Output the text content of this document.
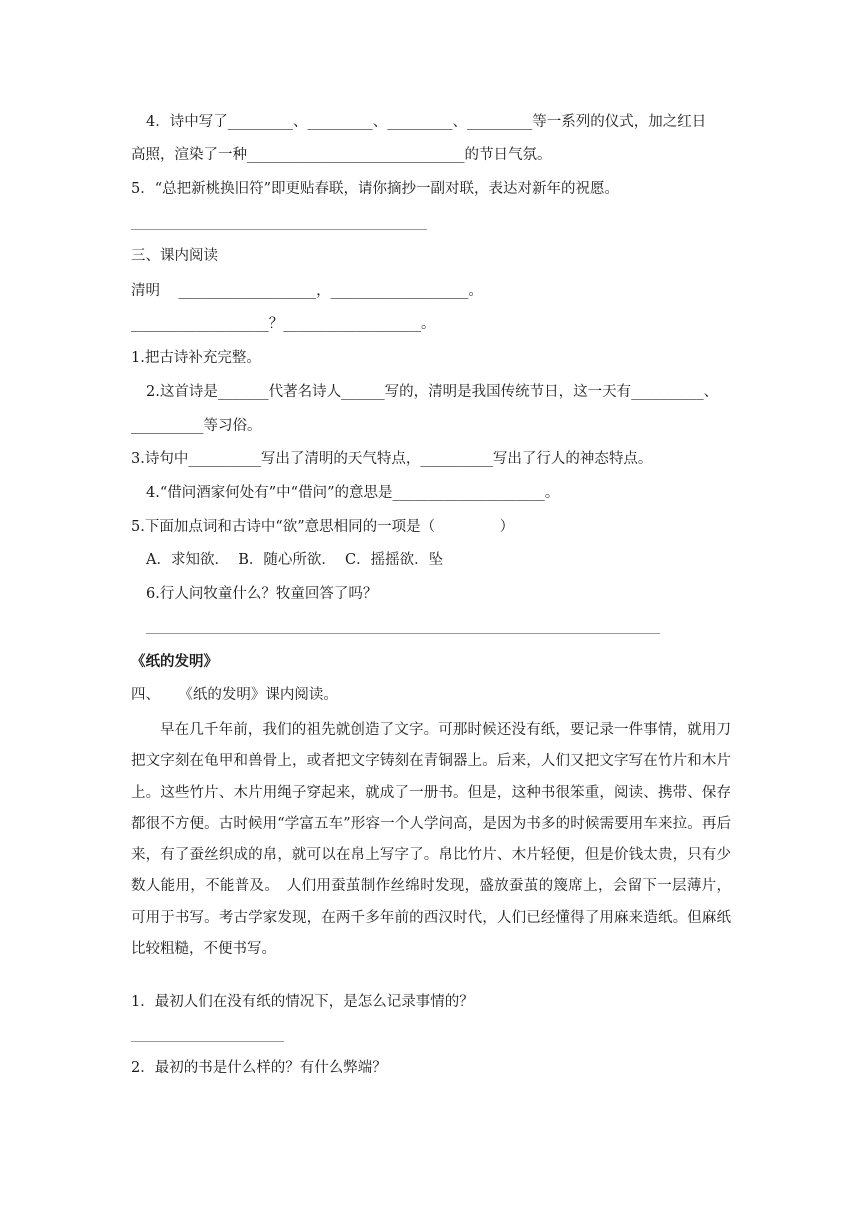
4．诗中写了_________、_________、_________、_________等一系列的仪式，加之红日
高照，渲染了一种______________________________的节日气氛。
5．“总把新桃换旧符”即更贴春联，请你摘抄一副对联，表达对新年的祝愿。
三、课内阅读
清明    ___________________，___________________。
___________________？___________________。
1.把古诗补充完整。
2.这首诗是_______代著名诗人______写的，清明是我国传统节日，这一天有__________、
__________等习俗。
3.诗句中__________写出了清明的天气特点，__________写出了行人的神态特点。
4.“借问酒家何处有”中“借问”的意思是_____________________。
5.下面加点词和古诗中“欲”意思相同的一项是（              ）
A．求知欲．  B．随心所欲．  C．摇摇欲．坠
6.行人问牧童什么？牧童回答了吗？
《纸的发明》
四、    《纸的发明》课内阅读。
早在几千年前，我们的祖先就创造了文字。可那时候还没有纸，要记录一件事情，就用刀把文字刻在龟甲和兽骨上，或者把文字铸刻在青铜器上。后来，人们又把文字写在竹片和木片上。这些竹片、木片用绳子穿起来，就成了一册书。但是，这种书很笨重，阅读、携带、保存都很不方便。古时候用“学富五车”形容一个人学问高，是因为书多的时候需要用车来拉。再后来，有了蚕丝织成的帛，就可以在帛上写字了。帛比竹片、木片轻便，但是价钱太贵，只有少数人能用，不能普及。　人们用蚕茧制作丝绵时发现，盛放蚕茧的篾席上，会留下一层薄片，可用于书写。考古学家发现，在两千多年前的西汉时代，人们已经懂得了用麻来造纸。但麻纸比较粗糙，不便书写。
1．最初人们在没有纸的情况下，是怎么记录事情的？
2．最初的书是什么样的？有什么弊端？
